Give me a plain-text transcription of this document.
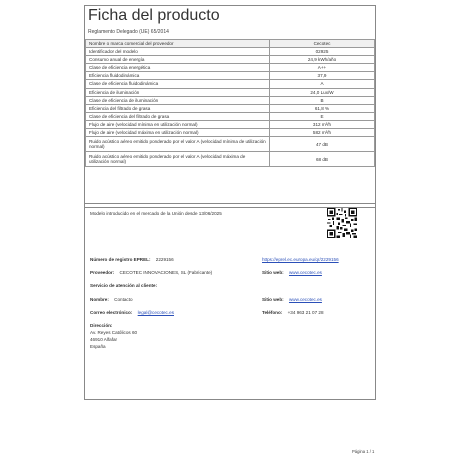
Ficha del producto
Reglamento Delegado (UE) 65/2014
Nombre o marca comercial del proveedor	Cecotec
Identificador del modelo	02925
Consumo anual de energía	24,9 kWh/año
Clase de eficiencia energética	A++
Eficiencia fluidodinámica	37,9
Clase de eficiencia fluidodinámica	A
Eficiencia de iluminación	24,0 Lux/W
Clase de eficiencia de iluminación	B
Eficiencia del filtrado de grasa	61,8 %
Clase de eficiencia del filtrado de grasa	E
Flujo de aire (velocidad mínima en utilización normal)	312 m³/h
Flujo de aire (velocidad máxima en utilización normal)	582 m³/h
Ruido acústico aéreo emitido ponderado por el valor A (velocidad mínima de utilización normal)	47 dB
Ruido acústico aéreo emitido ponderado por el valor A (velocidad máxima de utilización normal)	68 dB
Modelo introducido en el mercado de la Unión desde 13/06/2025
Número de registro EPREL: 2229156	https://eprel.ec.europa.eu/qr/2229156
Proveedor: CECOTEC INNOVACIONES, SL (Fabricante)	Sitio web: www.cecotec.es
Servicio de atención al cliente:
Nombre: Contacto	Sitio web: www.cecotec.es
Correo electrónico: legal@cecotec.es	Teléfono: +34 963 21 07 28
Dirección:
Av. Reyes Católicos 60
46910 Alfafar
España
Página 1 / 1
